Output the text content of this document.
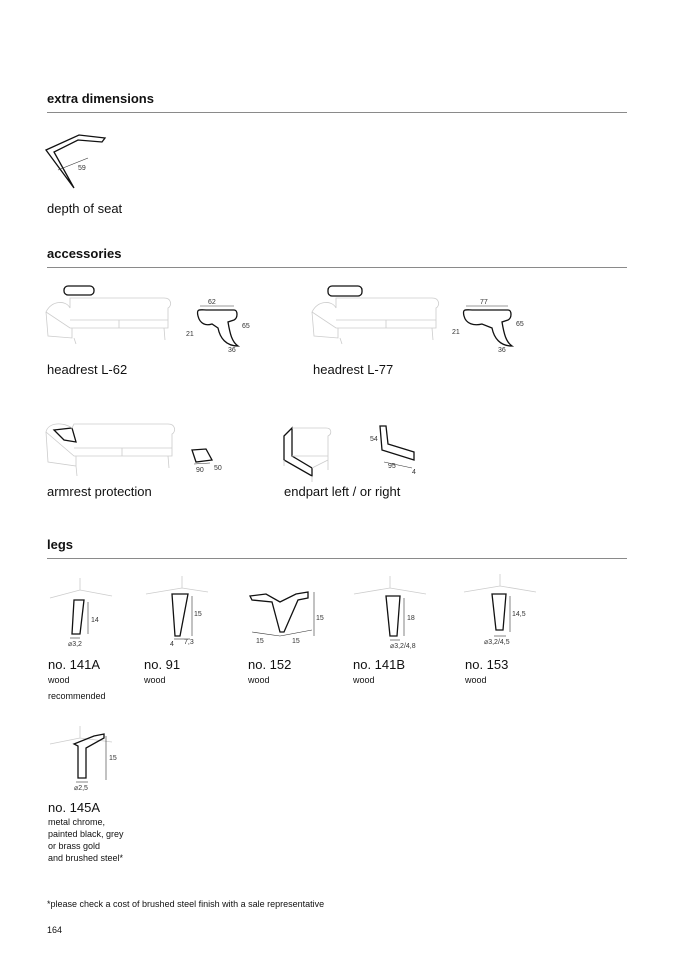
extra dimensions
59
depth of seat
accessories
62
21
65
36
headrest L-62
77
21
65
36
headrest L-77
90 50
armrest protection
54
95
4
endpart left / or right
legs
14
⌀3,2
no. 141A
wood
recommended
15
4 7,3
no. 91
wood
15
15	15
no. 152
wood
18
⌀3,2/4,8
no. 141B
wood
14,5
⌀3,2/4,5
no. 153
wood
15
⌀2,5
no. 145A
metal chrome,
painted black, grey
or brass gold
and brushed steel*
*please check a cost of brushed steel finish with a sale representative
164
